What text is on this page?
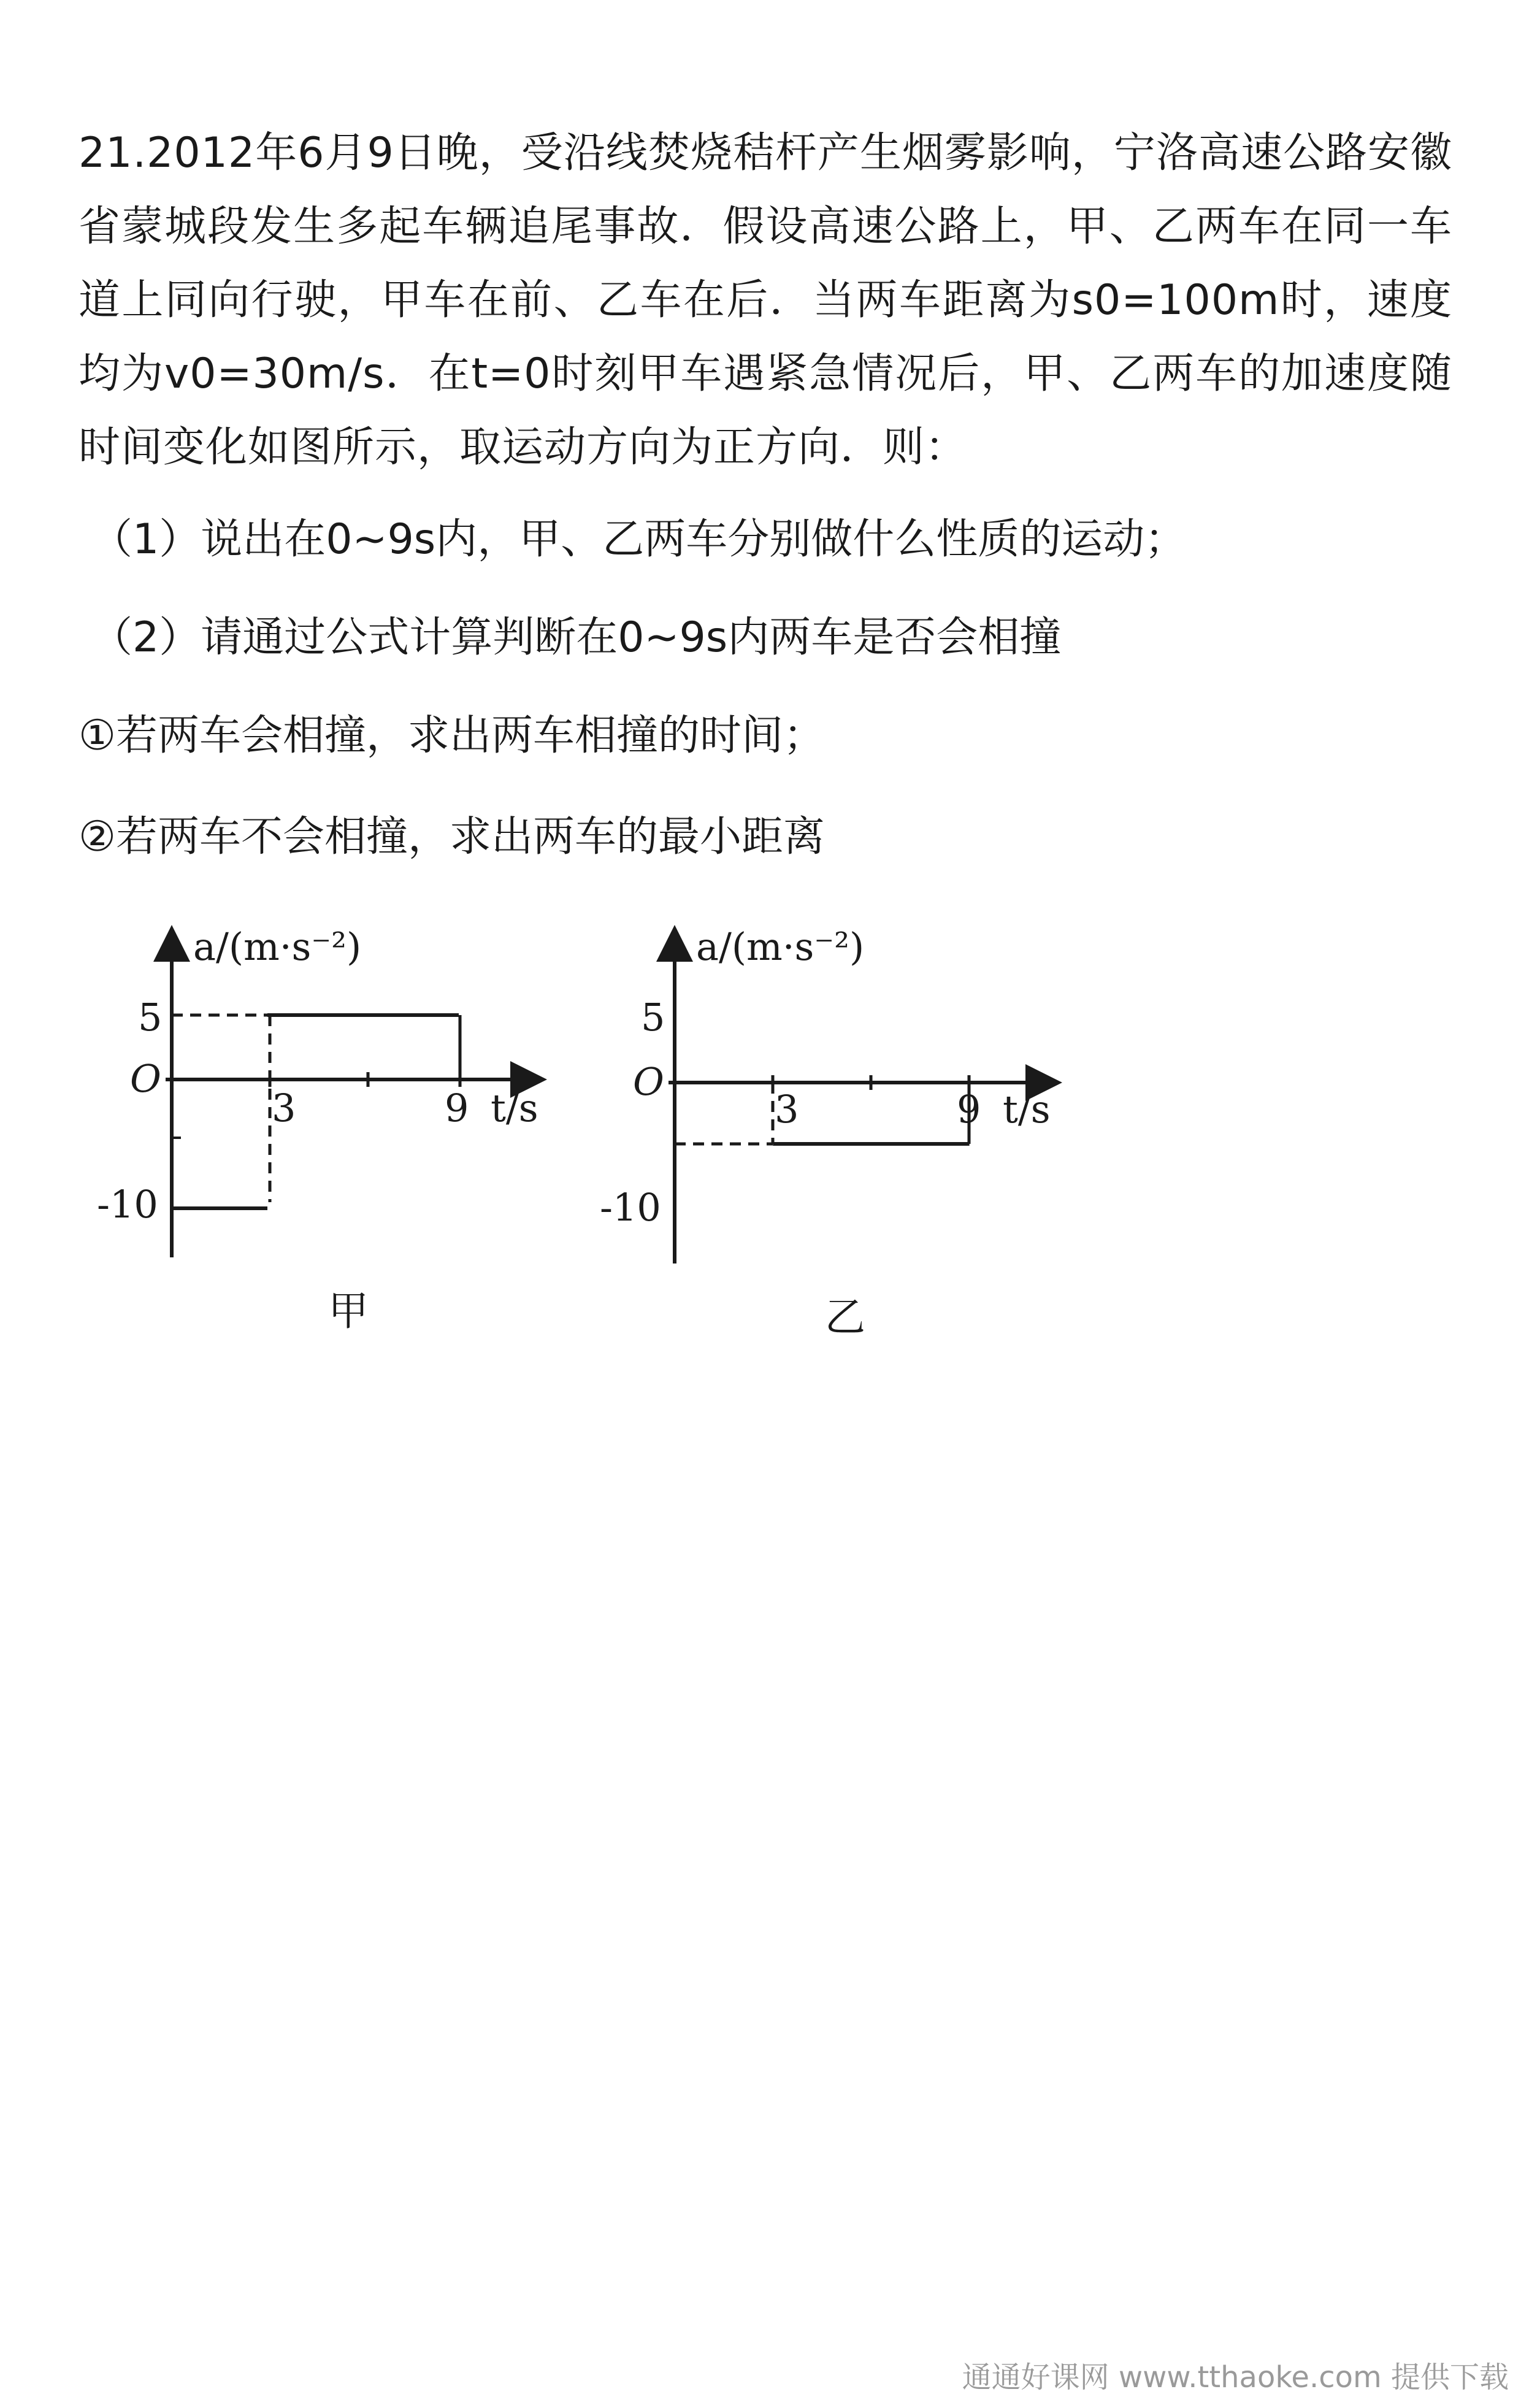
21.2012年6月9日晚，受沿线焚烧秸杆产生烟雾影响，宁洛高速公路安徽省蒙城段发生多起车辆追尾事故．假设高速公路上，甲、乙两车在同一车道上同向行驶，甲车在前、乙车在后．当两车距离为s0=100m时，速度均为v0=30m/s．在t=0时刻甲车遇紧急情况后，甲、乙两车的加速度随时间变化如图所示，取运动方向为正方向．则：

（1）说出在0~9s内，甲、乙两车分别做什么性质的运动；

（2）请通过公式计算判断在0~9s内两车是否会相撞

①若两车会相撞，求出两车相撞的时间；

②若两车不会相撞，求出两车的最小距离

a/(m·s⁻²)
5
-10
O
3	9 t/s
甲
a/(m·s⁻²)
5
-10
O
3	9 t/s
乙
通通好课网 www.tthaoke.com 提供下载
